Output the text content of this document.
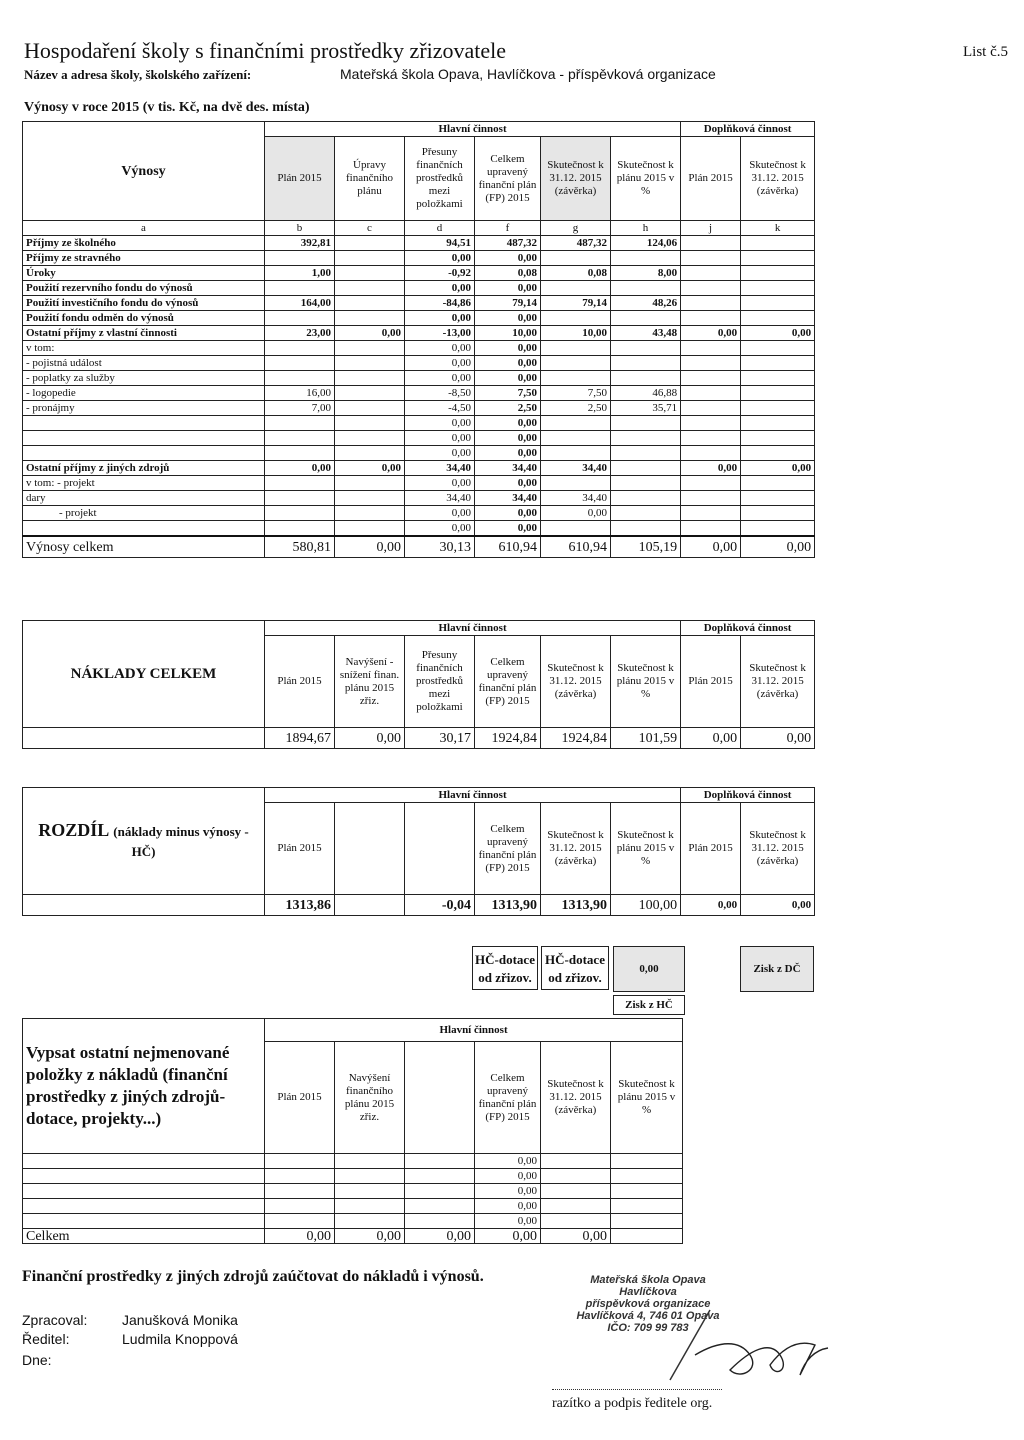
Hospodaření školy s finančními prostředky zřizovatele	List č.5
Název a adresa školy, školského zařízení:	Mateřská škola Opava, Havlíčkova - příspěvková organizace
Výnosy v roce 2015 (v tis. Kč, na dvě des. místa)
Výnosy	Hlavní činnost						Doplňková činnost	
	Plán 2015	Úpravy finančního plánu	Přesuny finančních prostředků mezi položkami	Celkem upravený finanční plán (FP) 2015	Skutečnost k 31.12. 2015 (závěrka)	Skutečnost k plánu 2015 v %	Plán 2015	Skutečnost k 31.12. 2015 (závěrka)
a	b	c	d	f	g	h	j	k
Příjmy ze školného	392,81		94,51	487,32	487,32	124,06		
Příjmy ze stravného			0,00	0,00				
Úroky	1,00		-0,92	0,08	0,08	8,00		
Použití rezervního fondu do výnosů			0,00	0,00				
Použití investičního fondu do výnosů	164,00		-84,86	79,14	79,14	48,26		
Použití fondu odměn do výnosů			0,00	0,00				
Ostatní příjmy z vlastní činnosti	23,00	0,00	-13,00	10,00	10,00	43,48	0,00	0,00
v tom:			0,00	0,00				
- pojistná událost			0,00	0,00				
- poplatky za služby			0,00	0,00				
- logopedie	16,00		-8,50	7,50	7,50	46,88		
- pronájmy	7,00		-4,50	2,50	2,50	35,71		
			0,00	0,00				
			0,00	0,00				
			0,00	0,00				
Ostatní příjmy z jiných zdrojů	0,00	0,00	34,40	34,40	34,40		0,00	0,00
v tom: - projekt			0,00	0,00				
dary			34,40	34,40	34,40			
- projekt			0,00	0,00	0,00			
			0,00	0,00				
Výnosy celkem	580,81	0,00	30,13	610,94	610,94	105,19	0,00	0,00
NÁKLADY CELKEM	Hlavní činnost						Doplňková činnost	
	Plán 2015	Navýšení - snížení finan. plánu 2015 zřiz.	Přesuny finančních prostředků mezi položkami	Celkem upravený finanční plán (FP) 2015	Skutečnost k 31.12. 2015 (závěrka)	Skutečnost k plánu 2015 v %	Plán 2015	Skutečnost k 31.12. 2015 (závěrka)
	1894,67	0,00	30,17	1924,84	1924,84	101,59	0,00	0,00
ROZDÍL (náklady minus výnosy - HČ)	Hlavní činnost						Doplňková činnost	
	Plán 2015			Celkem upravený finanční plán (FP) 2015	Skutečnost k 31.12. 2015 (závěrka)	Skutečnost k plánu 2015 v %	Plán 2015	Skutečnost k 31.12. 2015 (závěrka)
	1313,86		-0,04	1313,90	1313,90	100,00	0,00	0,00
HČ-dotace od zřizov.
HČ-dotace od zřizov.
0,00	Zisk z DČ
Zisk z HČ
Vypsat ostatní nejmenované položky z nákladů (finanční prostředky z jiných zdrojů-dotace, projekty...)	Hlavní činnost					
	Plán 2015	Navýšení finančního plánu 2015 zřiz.		Celkem upravený finanční plán (FP) 2015	Skutečnost k 31.12. 2015 (závěrka)	Skutečnost k plánu 2015 v %
				0,00		
				0,00		
				0,00		
				0,00		
				0,00		
Celkem	0,00	0,00	0,00	0,00	0,00	
Finanční prostředky z jiných zdrojů zaúčtovat do nákladů i výnosů.
Zpracoval: Janušková Monika
Ředitel:	Ludmila Knoppová
Dne:
Mateřská škola Opava
Havlíčkova
příspěvková organizace
Havlíčková 4, 746 01 Opava
IČO: 709 99 783
razítko a podpis ředitele org.
